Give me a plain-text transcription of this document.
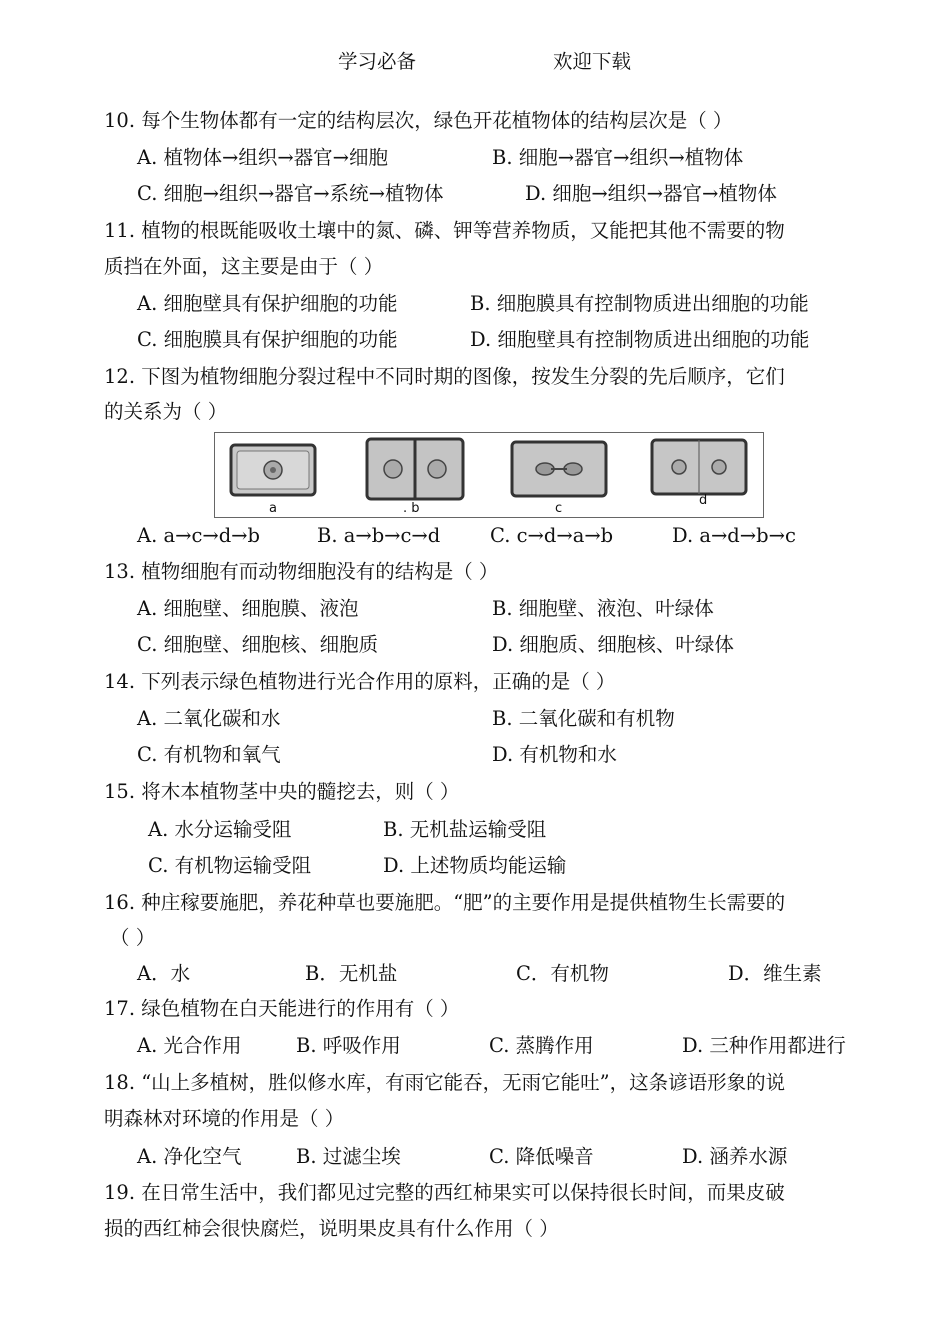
学习必备	欢迎下载
10. 每个生物体都有一定的结构层次，绿色开花植物体的结构层次是（ ）
A. 植物体→组织→器官→细胞	B. 细胞→器官→组织→植物体
C. 细胞→组织→器官→系统→植物体	D. 细胞→组织→器官→植物体
11. 植物的根既能吸收土壤中的氮、磷、钾等营养物质，又能把其他不需要的物
质挡在外面，这主要是由于（ ）
A. 细胞壁具有保护细胞的功能	B. 细胞膜具有控制物质进出细胞的功能
C. 细胞膜具有保护细胞的功能	D. 细胞壁具有控制物质进出细胞的功能
12. 下图为植物细胞分裂过程中不同时期的图像，按发生分裂的先后顺序，它们
的关系为（ ）
a	. b	c
d
A. a→c→d→b	B. a→b→c→d	C. c→d→a→b	D. a→d→b→c
13. 植物细胞有而动物细胞没有的结构是（ ）
A. 细胞壁、细胞膜、液泡	B. 细胞壁、液泡、叶绿体
C. 细胞壁、细胞核、细胞质	D. 细胞质、细胞核、叶绿体
14. 下列表示绿色植物进行光合作用的原料，正确的是（ ）
A. 二氧化碳和水	B. 二氧化碳和有机物
C. 有机物和氧气	D. 有机物和水
15. 将木本植物茎中央的髓挖去，则（ ）
A. 水分运输受阻	B. 无机盐运输受阻
C. 有机物运输受阻	D. 上述物质均能运输
16. 种庄稼要施肥，养花种草也要施肥。“肥”的主要作用是提供植物生长需要的
（ ）
A．水	B．无机盐	C．有机物	D．维生素
17. 绿色植物在白天能进行的作用有（ ）
A. 光合作用	B. 呼吸作用	C. 蒸腾作用	D. 三种作用都进行
18. “山上多植树，胜似修水库，有雨它能吞，无雨它能吐”，这条谚语形象的说
明森林对环境的作用是（ ）
A. 净化空气	B. 过滤尘埃	C. 降低噪音	D. 涵养水源
19. 在日常生活中，我们都见过完整的西红柿果实可以保持很长时间，而果皮破
损的西红柿会很快腐烂，说明果皮具有什么作用（ ）
